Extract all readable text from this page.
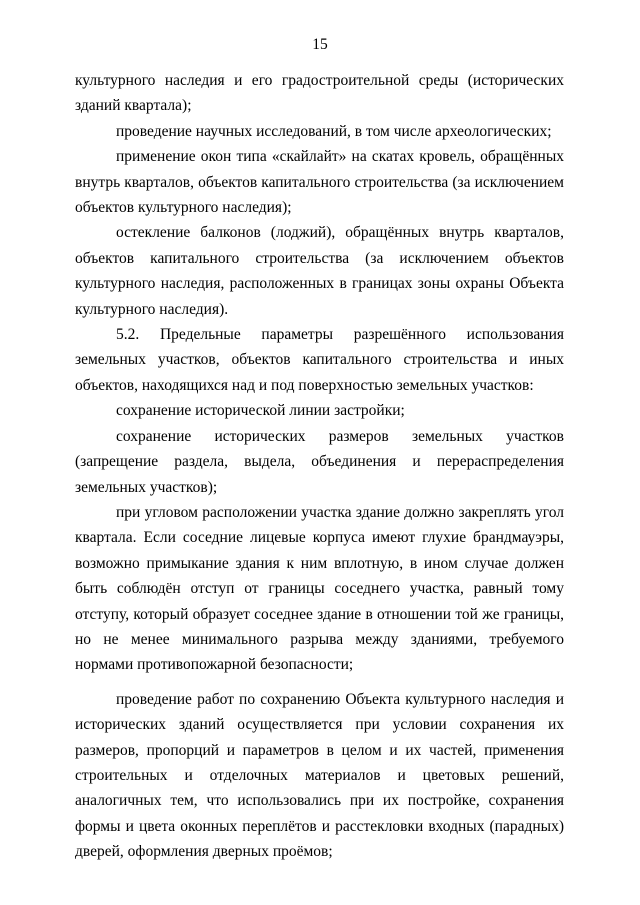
15

культурного наследия и его градостроительной среды (исторических зданий квартала);

проведение научных исследований, в том числе археологических;

применение окон типа «скайлайт» на скатах кровель, обращённых внутрь кварталов, объектов капитального строительства (за исключением объектов культурного наследия);

остекление балконов (лоджий), обращённых внутрь кварталов, объектов капитального строительства (за исключением объектов культурного наследия, расположенных в границах зоны охраны Объекта культурного наследия).

5.2. Предельные параметры разрешённого использования земельных участков, объектов капитального строительства и иных объектов, находящихся над и под поверхностью земельных участков:

сохранение исторической линии застройки;

сохранение исторических размеров земельных участков (запрещение раздела, выдела, объединения и перераспределения земельных участков);

при угловом расположении участка здание должно закреплять угол квартала. Если соседние лицевые корпуса имеют глухие брандмауэры, возможно примыкание здания к ним вплотную, в ином случае должен быть соблюдён отступ от границы соседнего участка, равный тому отступу, который образует соседнее здание в отношении той же границы, но не менее минимального разрыва между зданиями, требуемого нормами противопожарной безопасности;

проведение работ по сохранению Объекта культурного наследия и исторических зданий осуществляется при условии сохранения их размеров, пропорций и параметров в целом и их частей, применения строительных и отделочных материалов и цветовых решений, аналогичных тем, что использовались при их постройке, сохранения формы и цвета оконных переплётов и расстекловки входных (парадных) дверей, оформления дверных проёмов;
